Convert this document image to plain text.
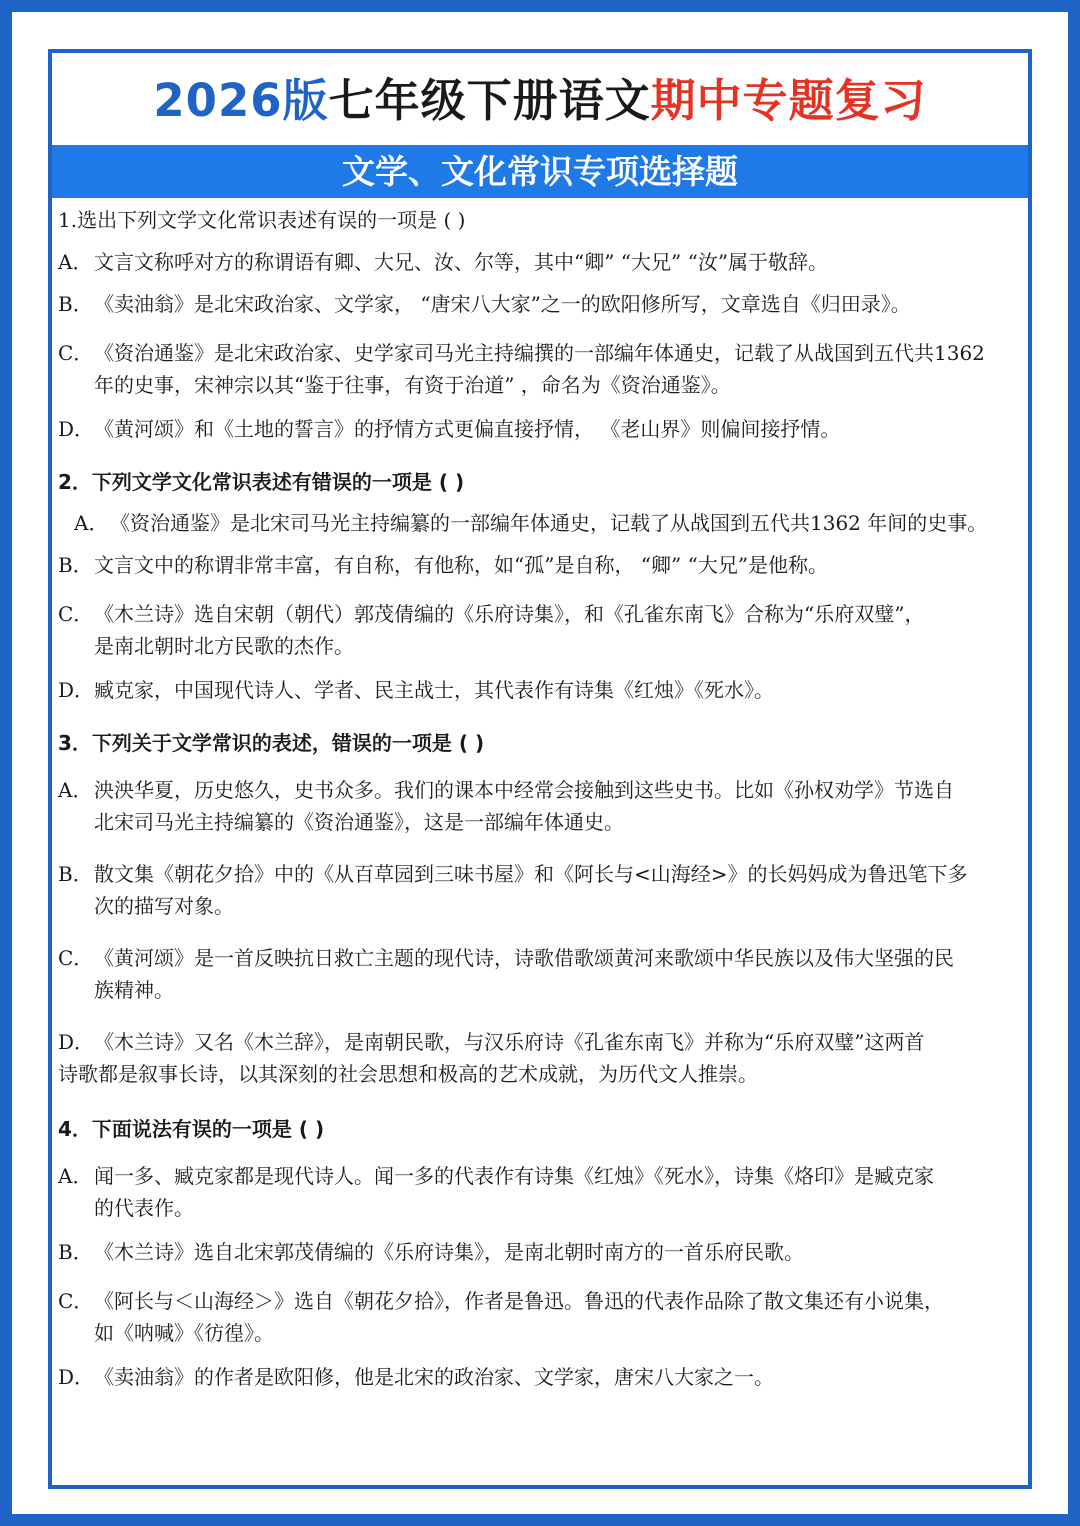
2026版七年级下册语文期中专题复习
文学、文化常识专项选择题

1.选出下列文学文化常识表述有误的一项是 ( )

A．文言文称呼对方的称谓语有卿、大兄、汝、尔等，其中“卿” “大兄” “汝”属于敬辞。

B．《卖油翁》是北宋政治家、文学家， “唐宋八大家”之一的欧阳修所写，文章选自《归田录》。

C．《资治通鉴》是北宋政治家、史学家司马光主持编撰的一部编年体通史，记载了从战国到五代共1362

年的史事，宋神宗以其“鉴于往事，有资于治道” ，命名为《资治通鉴》。

D．《黄河颂》和《土地的誓言》的抒情方式更偏直接抒情， 《老山界》则偏间接抒情。

2．下列文学文化常识表述有错误的一项是 ( )

A．《资治通鉴》是北宋司马光主持编纂的一部编年体通史，记载了从战国到五代共1362 年间的史事。

B．文言文中的称谓非常丰富，有自称，有他称，如“孤”是自称， “卿” “大兄”是他称。

C．《木兰诗》选自宋朝（朝代）郭茂倩编的《乐府诗集》，和《孔雀东南飞》合称为“乐府双璧”，

是南北朝时北方民歌的杰作。

D．臧克家，中国现代诗人、学者、民主战士，其代表作有诗集《红烛》《死水》。

3．下列关于文学常识的表述，错误的一项是 ( )

A．泱泱华夏，历史悠久，史书众多。我们的课本中经常会接触到这些史书。比如《孙权劝学》节选自

北宋司马光主持编纂的《资治通鉴》，这是一部编年体通史。

B．散文集《朝花夕拾》中的《从百草园到三味书屋》和《阿长与<山海经>》的长妈妈成为鲁迅笔下多

次的描写对象。

C．《黄河颂》是一首反映抗日救亡主题的现代诗，诗歌借歌颂黄河来歌颂中华民族以及伟大坚强的民

族精神。

D．《木兰诗》又名《木兰辞》，是南朝民歌，与汉乐府诗《孔雀东南飞》并称为“乐府双璧”这两首

诗歌都是叙事长诗，以其深刻的社会思想和极高的艺术成就，为历代文人推崇。

4．下面说法有误的一项是 ( )

A．闻一多、臧克家都是现代诗人。闻一多的代表作有诗集《红烛》《死水》，诗集《烙印》是臧克家

的代表作。

B．《木兰诗》选自北宋郭茂倩编的《乐府诗集》，是南北朝时南方的一首乐府民歌。

C．《阿长与＜山海经＞》选自《朝花夕拾》，作者是鲁迅。鲁迅的代表作品除了散文集还有小说集，

如《呐喊》《彷徨》。

D．《卖油翁》的作者是欧阳修，他是北宋的政治家、文学家，唐宋八大家之一。
